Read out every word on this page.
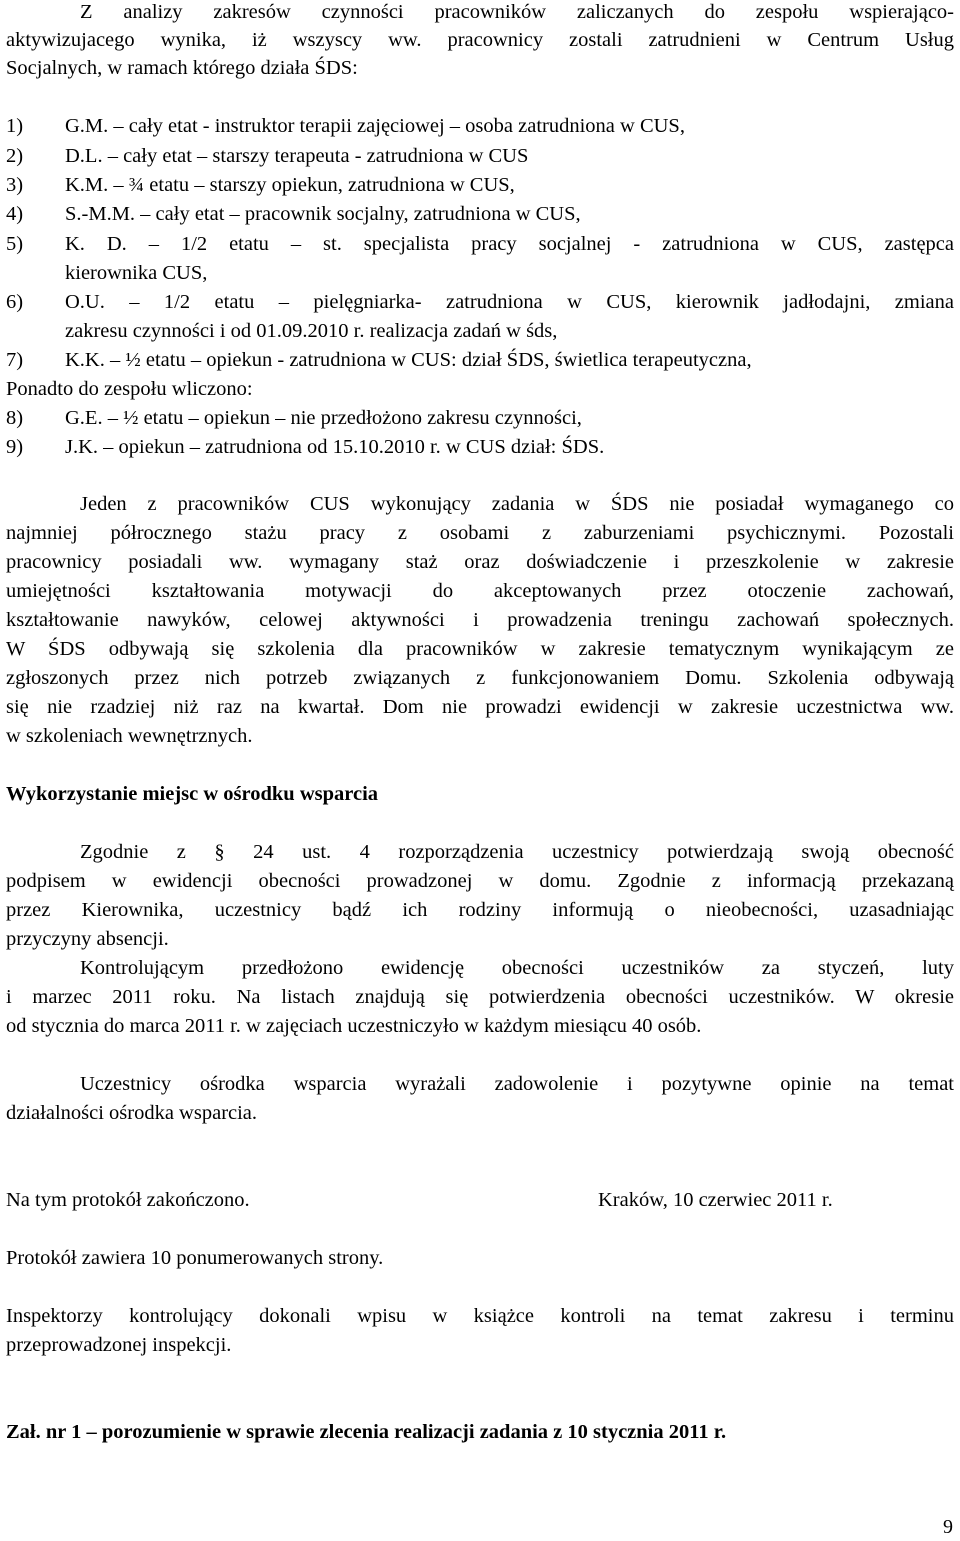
Z analizy zakresów czynności pracowników zaliczanych do zespołu wspierająco-
aktywizujacego wynika, iż wszyscy ww. pracownicy zostali zatrudnieni w Centrum Usług
Socjalnych, w ramach którego działa ŚDS:
1) G.M. – cały etat - instruktor terapii zajęciowej – osoba zatrudniona w CUS,
2) D.L. – cały etat – starszy terapeuta - zatrudniona w CUS
3) K.M. – ¾ etatu – starszy opiekun, zatrudniona w CUS,
4) S.-M.M. – cały etat – pracownik socjalny, zatrudniona w CUS,
5) K. D. – 1/2 etatu – st. specjalista pracy socjalnej - zatrudniona w CUS, zastępca
kierownika CUS,
6) O.U. – 1/2 etatu – pielęgniarka- zatrudniona w CUS, kierownik jadłodajni, zmiana
zakresu czynności i od 01.09.2010 r. realizacja zadań w śds,
7) K.K. – ½ etatu – opiekun - zatrudniona w CUS: dział ŚDS, świetlica terapeutyczna,
Ponadto do zespołu wliczono:
8) G.E. – ½ etatu – opiekun – nie przedłożono zakresu czynności,
9) J.K. – opiekun – zatrudniona od 15.10.2010 r. w CUS dział: ŚDS.
Jeden z pracowników CUS wykonujący zadania w ŚDS nie posiadał wymaganego co
najmniej półrocznego stażu pracy z osobami z zaburzeniami psychicznymi. Pozostali
pracownicy posiadali ww. wymagany staż oraz doświadczenie i przeszkolenie w zakresie
umiejętności kształtowania motywacji do akceptowanych przez otoczenie zachowań,
kształtowanie nawyków, celowej aktywności i prowadzenia treningu zachowań społecznych.
W ŚDS odbywają się szkolenia dla pracowników w zakresie tematycznym wynikającym ze
zgłoszonych przez nich potrzeb związanych z funkcjonowaniem Domu. Szkolenia odbywają
się nie rzadziej niż raz na kwartał. Dom nie prowadzi ewidencji w zakresie uczestnictwa ww.
w szkoleniach wewnętrznych.
Wykorzystanie miejsc w ośrodku wsparcia
Zgodnie z § 24 ust. 4 rozporządzenia uczestnicy potwierdzają swoją obecność
podpisem w ewidencji obecności prowadzonej w domu. Zgodnie z informacją przekazaną
przez Kierownika, uczestnicy bądź ich rodziny informują o nieobecności, uzasadniając
przyczyny absencji.
Kontrolującym przedłożono ewidencję obecności uczestników za styczeń, luty
i marzec 2011 roku. Na listach znajdują się potwierdzenia obecności uczestników. W okresie
od stycznia do marca 2011 r. w zajęciach uczestniczyło w każdym miesiącu 40 osób.
Uczestnicy ośrodka wsparcia wyrażali zadowolenie i pozytywne opinie na temat
działalności ośrodka wsparcia.
Na tym protokół zakończono.	Kraków, 10 czerwiec 2011 r.
Protokół zawiera 10 ponumerowanych strony.
Inspektorzy kontrolujący dokonali wpisu w książce kontroli na temat zakresu i terminu
przeprowadzonej inspekcji.
Zał. nr 1 – porozumienie w sprawie zlecenia realizacji zadania z 10 stycznia 2011 r.
9
